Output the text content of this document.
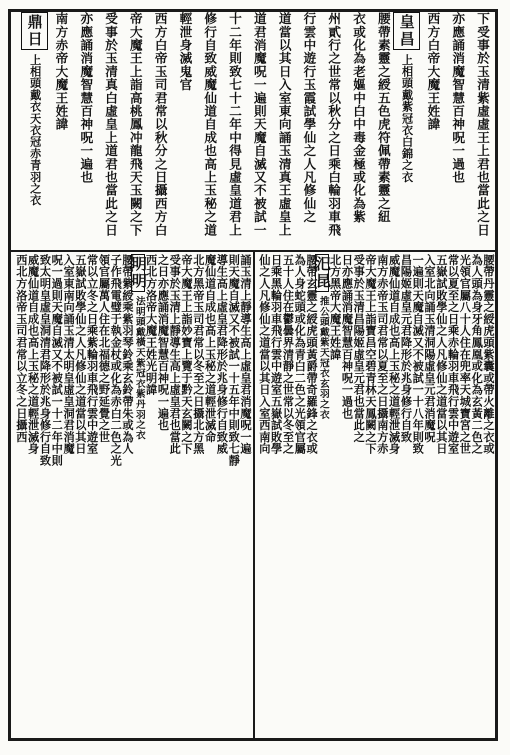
下受事於玉清紫虛虛王上君也當此之日
亦應誦消魔智慧百神呪一過也
西方白帝大魔王姓諱
皇昌上相頭戴紫冠衣白錦之衣
腰帶素靈之綬五色虎符佩帶素靈之紐
衣或化為老嫗中白中毒金極或化為紫
州貳行之世常以秋分之日乘白輪羽車飛
行雲中遊行玉霞試學仙之人凡修仙之
道當以其日入室東向誦玉清真王虛皇上
道君消魔呪一遍則天魔自滅又不被試一
十二年則致七十二年中得見虛皇道君上
修行自致威魔仙道自成也高上玉秘之道
輕泄身滅鬼官
西方白帝玉司君常以秋分之日攝西方白
帝大魔王上詣高桃鳳冲龍飛天玉闕之下
受事於玉清真白虛皇上道君也當此之日
亦應誦消魔智慧百神呪一遍也
南方赤帝大魔王姓諱
鼎日上相頭戴衣天衣冠赤青羽之衣
腰帶丹靈之綬虎頭紫囊或帶火離之衣或
為人頭為身牙角鳳凰或化為玄黃二色之
光領官屬八十人住在兜率天城寶宮之世
常以夏至之日乘赤輪羽車飛行雲中遊室
五嶽試敗學仙之人凡修仙之道當以其日
入室北向誦玉清洞陽虛皇元君消魔呪
一遍則天魔自滅又不被試一十八年則致
昌陽姬虛皇元君降形於兆身修行自致
威魔仙道自成也高上玉秘之道輕泄滅身
南方赤帝玉司君常以夏至之日攝南方赤
帝大魔王上詣寶昌空碧青林天鳳闕之下
受事於玉清昌陽姬虛皇元君也當此之
日亦應誦消魔智慧百神呪一過也
北方黑帝大魔王姓諱
汜昆推公頭戴紫天冠衣玄羽之衣
腰帶玄靈之綬虎頭黃爵帶奇羅鋒之衣或
為人身蛇頭或化為青白二色之光領官屬
五十人住在鬱曇界清靜之世常以冬至之
日乘黑輪羽車飛行雲中遊室五嶽試敗學
仙之人凡修仙之道當以其日入室西南向
誦玉清上靜導生高上虛皇君消魔呪一遍
則天魔自滅又不被試一十五年中則致七靜
導生高上虛皇君降形於兆身修行自致威
魔仙道自成也高上玉秘之道輕泄滅命
北方黑帝玉司君常以冬至之日攝北方黑
帝大魔王上詣妙寶上覽于黔天玄闕之下
受事於玉清上靜導生高上虛皇君也當此
之日亦應誦消魔智慧百神呪一遍也
西北方洛帝大魔王姓光明諱
明明法明頭戴橫天紫冠衣紫丹羽之衣
腰帶紫綬乘紫羽琴鈴乘玄鈴帶朱或為人
子作飛電璧于執金杖或化為赤白二色之光
領官屬萬人住在北福德之野延覺之世
常以立冬之日乘紫輪羽車飛行雲中遊室
五嶽試敗學仙之人凡修仙之道當以其日
入室東南向誦玉清太明皇虛皇洞君消魔
呪一過則天魔自滅又不被試一十二年中則
致太明皇虛皇洞清君降形於兆身修行自致
威魔仙道自成也高上玉秘之道輕泄滅身
西北方洛帝玉司君常以立冬之日攝西
